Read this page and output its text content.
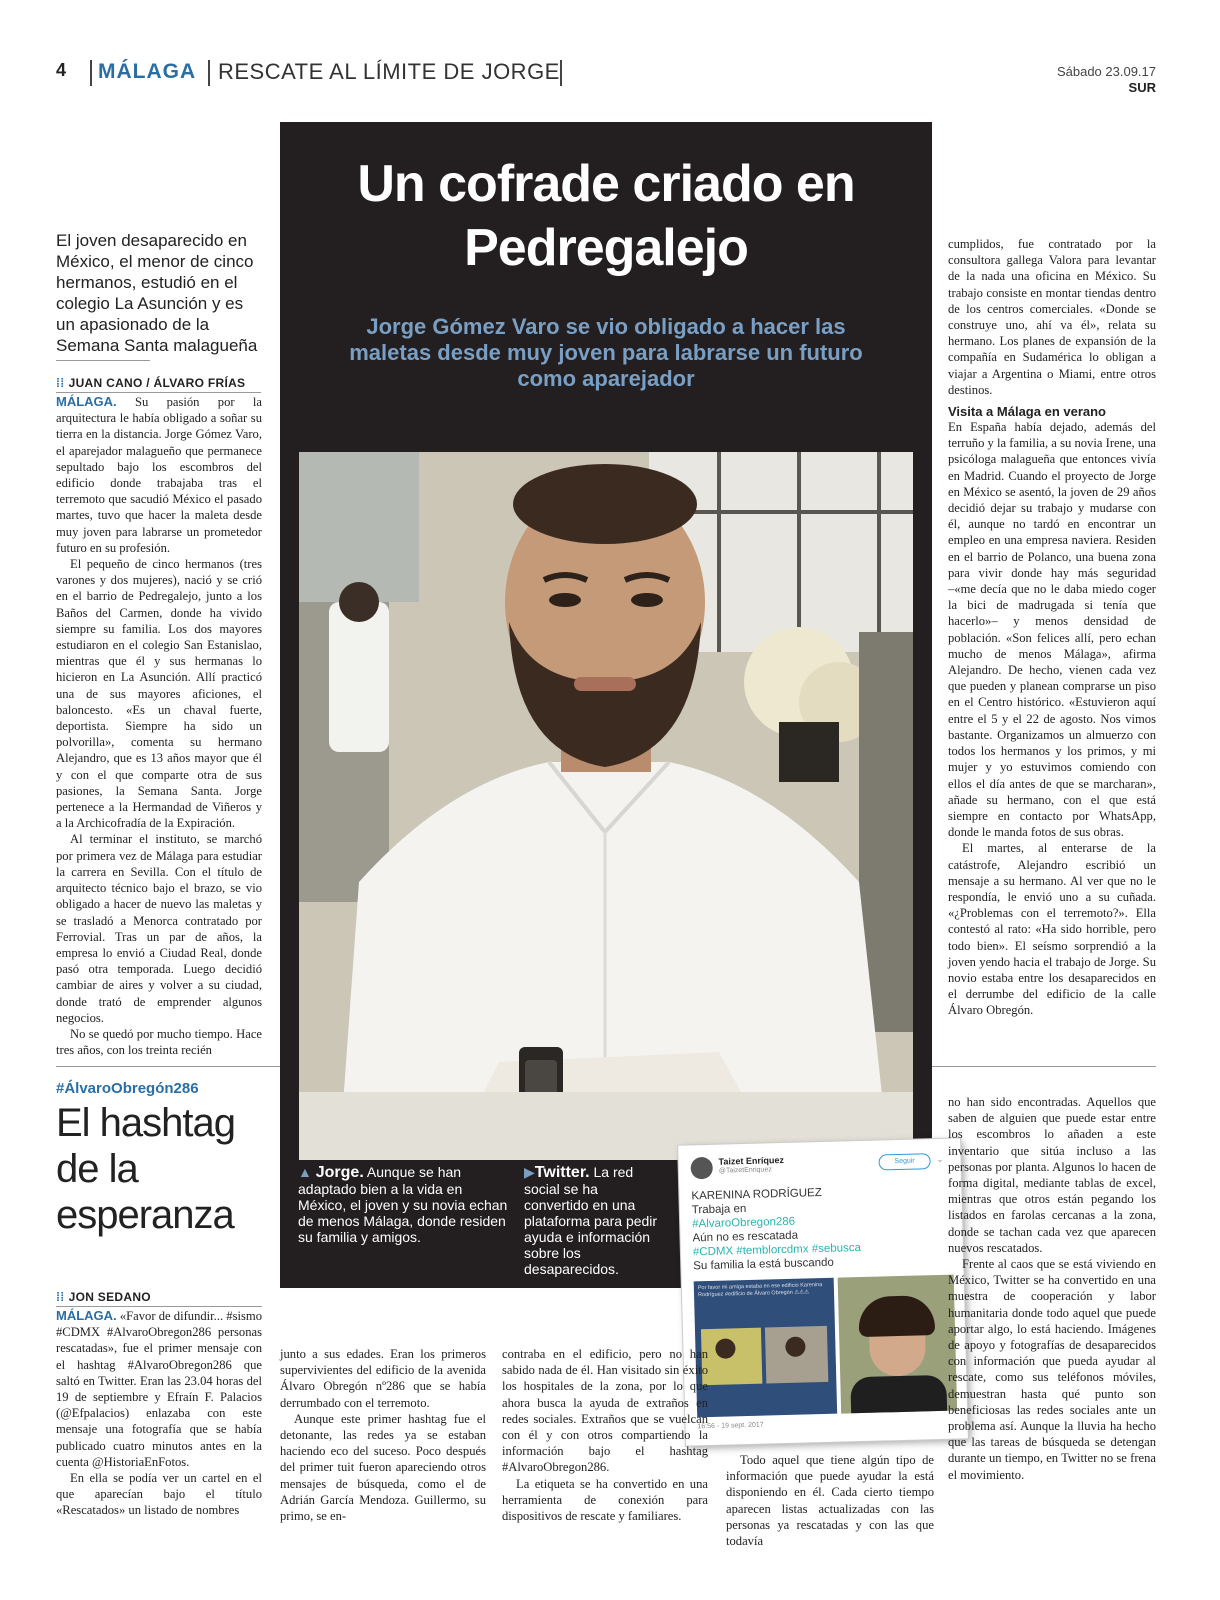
4 MÁLAGA RESCATE AL LÍMITE DE JORGE	Sábado 23.09.17
SUR
El joven desaparecido en México, el menor de cinco hermanos, estudió en el colegio La Asunción y es un apasionado de la Semana Santa malagueña
⁞⁞ JUAN CANO / ÁLVARO FRÍAS

MÁLAGA. Su pasión por la arquitectura le había obligado a soñar su tierra en la distancia. Jorge Gómez Varo, el aparejador malagueño que permanece sepultado bajo los escombros del edificio donde trabajaba tras el terremoto que sacudió México el pasado martes, tuvo que hacer la maleta desde muy joven para labrarse un prometedor futuro en su profesión.

El pequeño de cinco hermanos (tres varones y dos mujeres), nació y se crió en el barrio de Pedregalejo, junto a los Baños del Carmen, donde ha vivido siempre su familia. Los dos mayores estudiaron en el colegio San Estanislao, mientras que él y sus hermanas lo hicieron en La Asunción. Allí practicó una de sus mayores aficiones, el baloncesto. «Es un chaval fuerte, deportista. Siempre ha sido un polvorilla», comenta su hermano Alejandro, que es 13 años mayor que él y con el que comparte otra de sus pasiones, la Semana Santa. Jorge pertenece a la Hermandad de Viñeros y a la Archicofradía de la Expiración.

Al terminar el instituto, se marchó por primera vez de Málaga para estudiar la carrera en Sevilla. Con el título de arquitecto técnico bajo el brazo, se vio obligado a hacer de nuevo las maletas y se trasladó a Menorca contratado por Ferrovial. Tras un par de años, la empresa lo envió a Ciudad Real, donde pasó otra temporada. Luego decidió cambiar de aires y volver a su ciudad, donde trató de emprender algunos negocios.

No se quedó por mucho tiempo. Hace tres años, con los treinta recién

Un cofrade criado en Pedregalejo
Jorge Gómez Varo se vio obligado a hacer las maletas desde muy joven para labrarse un futuro como aparejador
▲ Jorge. Aunque se han adaptado bien a la vida en México, el joven y su novia echan de menos Málaga, donde residen su familia y amigos.
▶Twitter. La red social se ha convertido en una plataforma para pedir ayuda e información sobre los desaparecidos.
Taizet Enríquez
@TaizetEnriquez
Seguir	⌄
KARENINA RODRÍGUEZ
Trabaja en
#AlvaroObregon286
Aún no es rescatada
#CDMX #temblorcdmx #sebusca
Su familia la está buscando
Por favor mi amiga estaba en ese edificio Karenina Rodríguez #edificio de Álvaro Obregón ⚠⚠⚠
16:56 - 19 sept. 2017

cumplidos, fue contratado por la consultora gallega Valora para levantar de la nada una oficina en México. Su trabajo consiste en montar tiendas dentro de los centros comerciales. «Donde se construye uno, ahí va él», relata su hermano. Los planes de expansión de la compañía en Sudamérica lo obligan a viajar a Argentina o Miami, entre otros destinos.

Visita a Málaga en verano

En España había dejado, además del terruño y la familia, a su novia Irene, una psicóloga malagueña que entonces vivía en Madrid. Cuando el proyecto de Jorge en México se asentó, la joven de 29 años decidió dejar su trabajo y mudarse con él, aunque no tardó en encontrar un empleo en una empresa naviera. Residen en el barrio de Polanco, una buena zona para vivir donde hay más seguridad –«me decía que no le daba miedo coger la bici de madrugada si tenía que hacerlo»– y menos densidad de población. «Son felices allí, pero echan mucho de menos Málaga», afirma Alejandro. De hecho, vienen cada vez que pueden y planean comprarse un piso en el Centro histórico. «Estuvieron aquí entre el 5 y el 22 de agosto. Nos vimos bastante. Organizamos un almuerzo con todos los hermanos y los primos, y mi mujer y yo estuvimos comiendo con ellos el día antes de que se marcharan», añade su hermano, con el que está siempre en contacto por WhatsApp, donde le manda fotos de sus obras.

El martes, al enterarse de la catástrofe, Alejandro escribió un mensaje a su hermano. Al ver que no le respondía, le envió uno a su cuñada. «¿Problemas con el terremoto?». Ella contestó al rato: «Ha sido horrible, pero todo bien». El seísmo sorprendió a la joven yendo hacia el trabajo de Jorge. Su novio estaba entre los desaparecidos en el derrumbe del edificio de la calle Álvaro Obregón.

#ÁlvaroObregón286
El hashtag de la esperanza
⁞⁞ JON SEDANO

MÁLAGA. «Favor de difundir... #sismo #CDMX #AlvaroObregon286 personas rescatadas», fue el primer mensaje con el hashtag #AlvaroObregon286 que saltó en Twitter. Eran las 23.04 horas del 19 de septiembre y Efraín F. Palacios (@Efpalacios) enlazaba con este mensaje una fotografía que se había publicado cuatro minutos antes en la cuenta @HistoriaEnFotos.

En ella se podía ver un cartel en el que aparecían bajo el título «Rescatados» un listado de nombres

junto a sus edades. Eran los primeros supervivientes del edificio de la avenida Álvaro Obregón nº286 que se había derrumbado con el terremoto.

Aunque este primer hashtag fue el detonante, las redes ya se estaban haciendo eco del suceso. Poco después del primer tuit fueron apareciendo otros mensajes de búsqueda, como el de Adrián García Mendoza. Guillermo, su primo, se en-

contraba en el edificio, pero no han sabido nada de él. Han visitado sin éxito los hospitales de la zona, por lo que ahora busca la ayuda de extraños en redes sociales. Extraños que se vuelcan con él y con otros compartiendo la información bajo el hashtag #AlvaroObregon286.

La etiqueta se ha convertido en una herramienta de conexión para dispositivos de rescate y familiares.

Todo aquel que tiene algún tipo de información que puede ayudar la está disponiendo en él. Cada cierto tiempo aparecen listas actualizadas con las personas ya rescatadas y con las que todavía

no han sido encontradas. Aquellos que saben de alguien que puede estar entre los escombros lo añaden a este inventario que sitúa incluso a las personas por planta. Algunos lo hacen de forma digital, mediante tablas de excel, mientras que otros están pegando los listados en farolas cercanas a la zona, donde se tachan cada vez que aparecen nuevos rescatados.

Frente al caos que se está viviendo en México, Twitter se ha convertido en una muestra de cooperación y labor humanitaria donde todo aquel que puede aportar algo, lo está haciendo. Imágenes de apoyo y fotografías de desaparecidos con información que pueda ayudar al rescate, como sus teléfonos móviles, demuestran hasta qué punto son beneficiosas las redes sociales ante un problema así. Aunque la lluvia ha hecho que las tareas de búsqueda se detengan durante un tiempo, en Twitter no se frena el movimiento.
